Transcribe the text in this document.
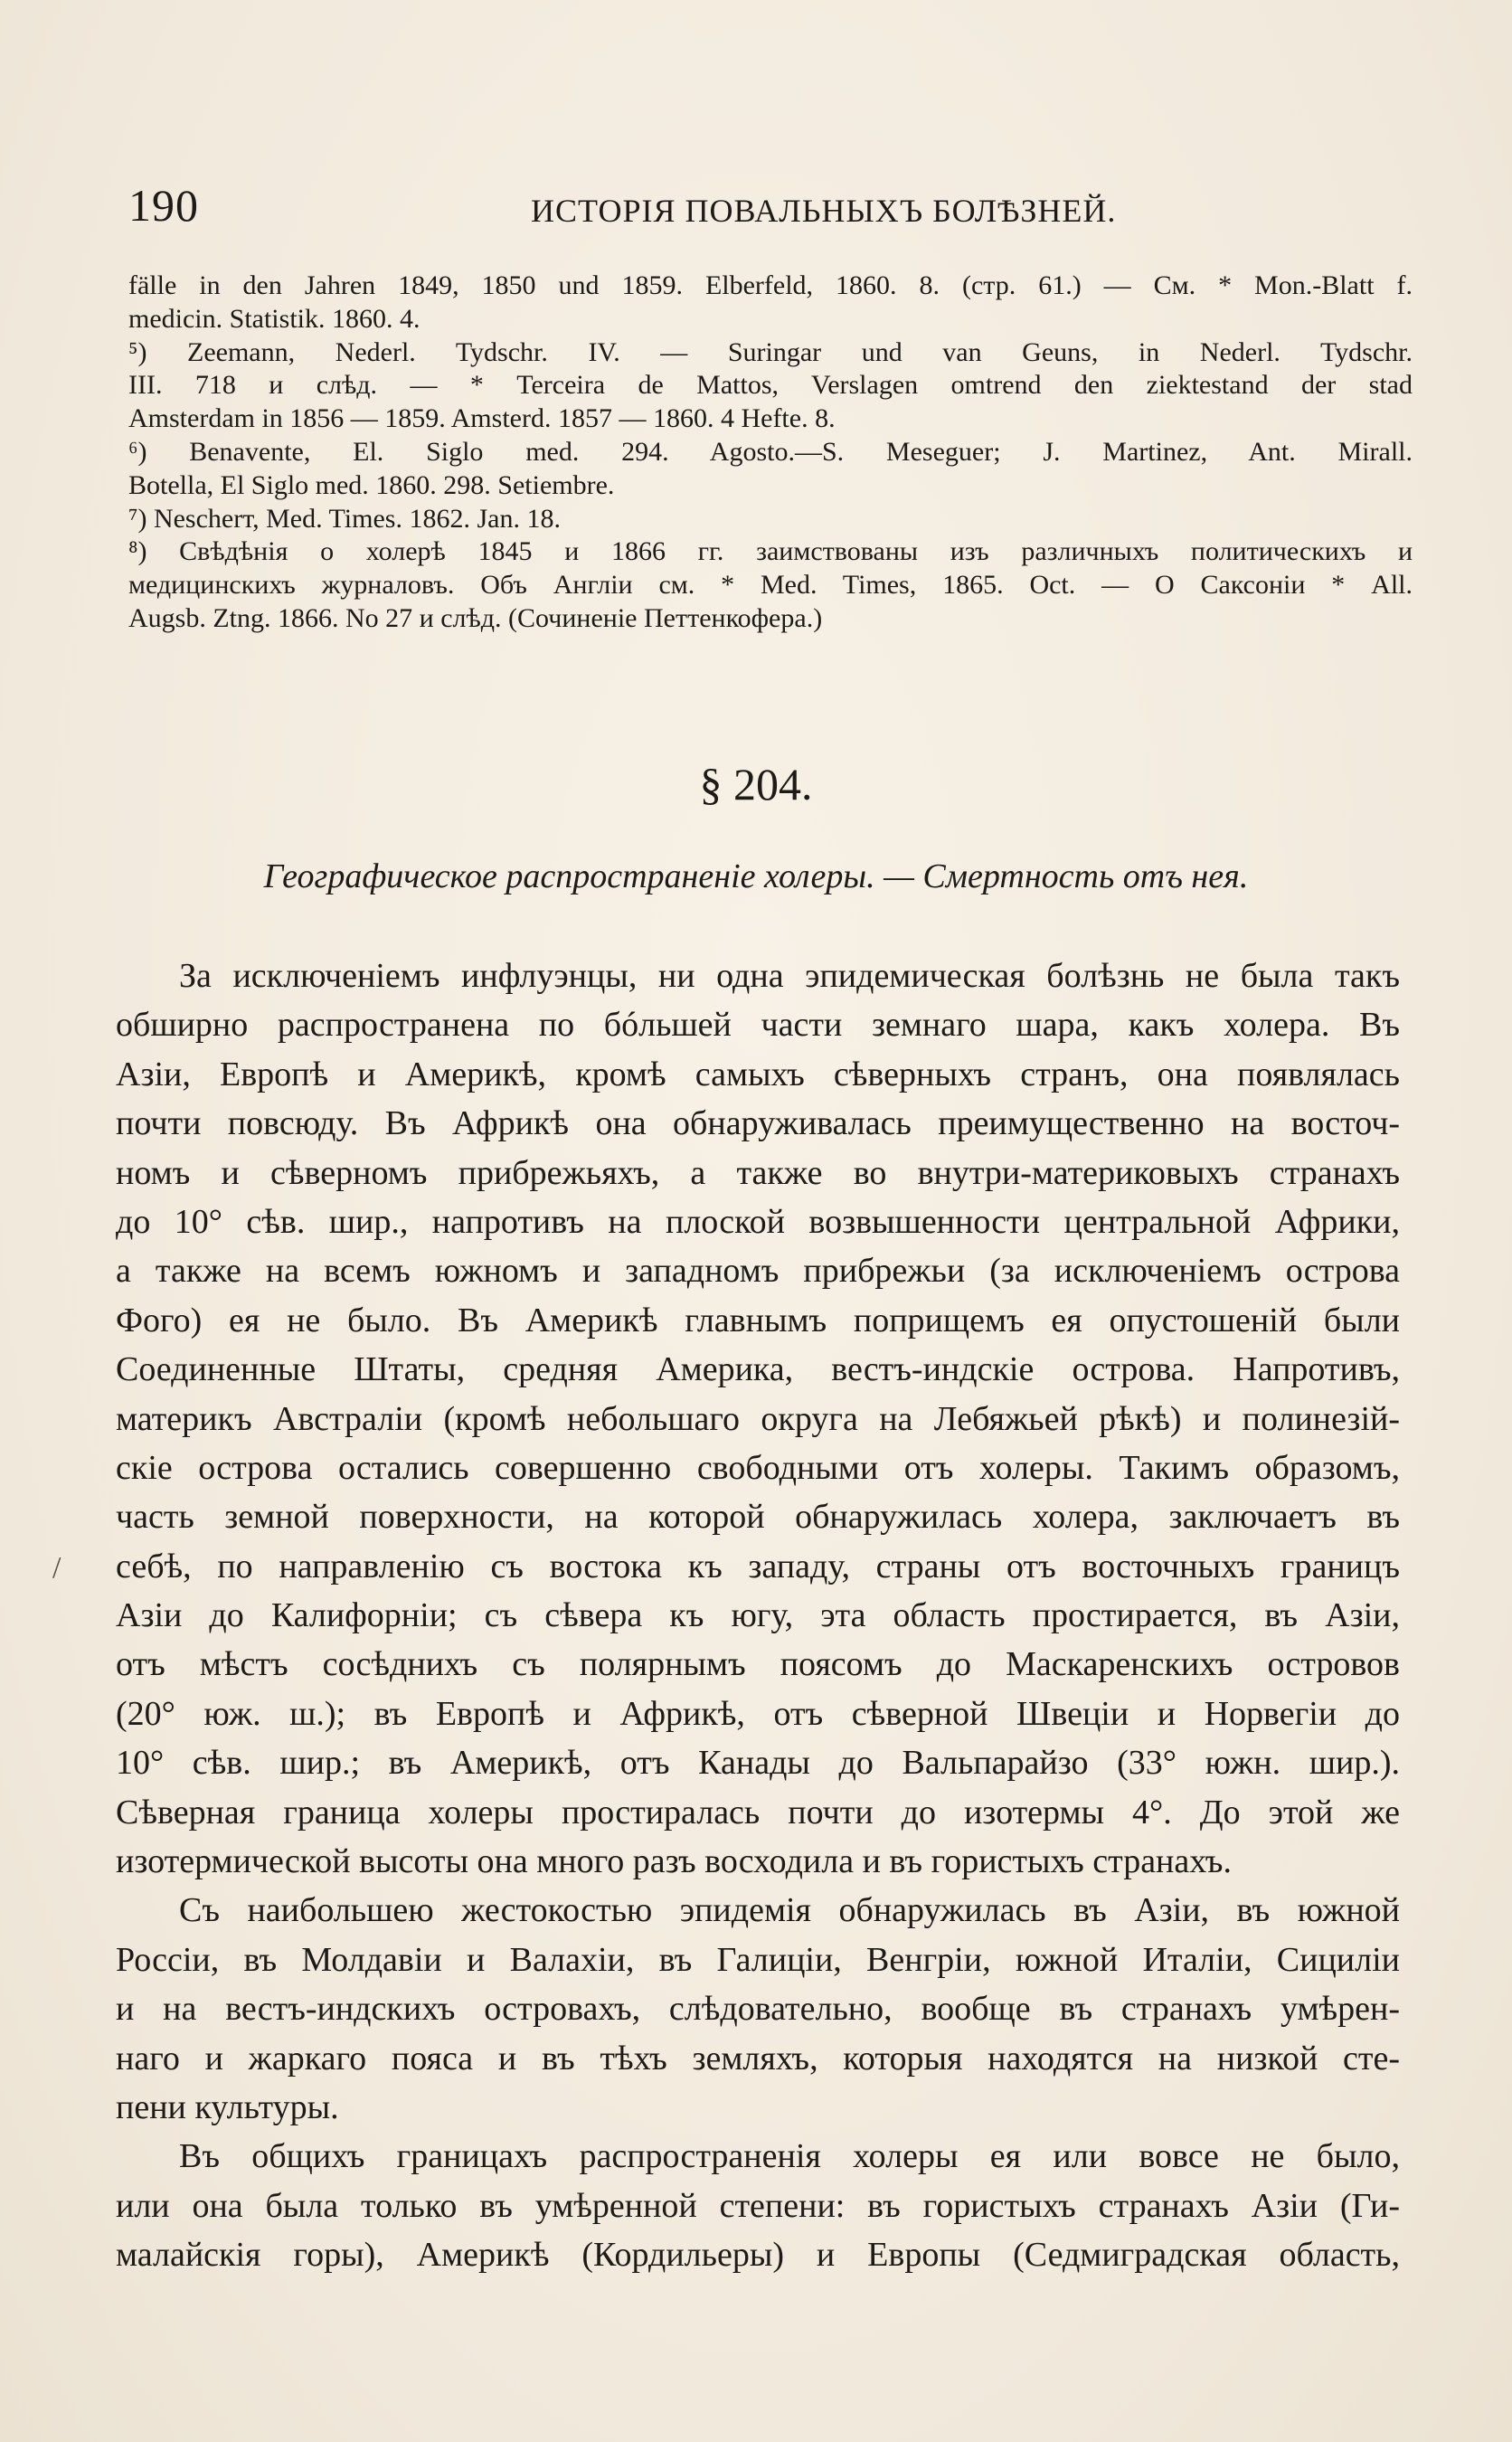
190	ИСТОРІЯ ПОВАЛЬНЫХЪ БОЛѢЗНЕЙ.
fälle in den Jahren 1849, 1850 und 1859. Elberfeld, 1860. 8. (стр. 61.) — См. * Mon.-Blatt f.
medicin. Statistik. 1860. 4.
⁵) Zeemann, Nederl. Tydschr. IV. — Suringar und van Geuns, in Nederl. Tydschr.
III. 718 и слѣд. — * Terceira de Mattos, Verslagen omtrend den ziektestand der stad
Amsterdam in 1856 — 1859. Amsterd. 1857 — 1860. 4 Hefte. 8.
⁶) Benavente, El. Siglo med. 294. Agosto.—S. Meseguer; J. Martinez, Ant. Mirall.
Botella, El Siglo med. 1860. 298. Setiembre.
⁷) Nescherт, Med. Times. 1862. Jan. 18.
⁸) Свѣдѣнія о холерѣ 1845 и 1866 гг. заимствованы изъ различныхъ политическихъ и
медицинскихъ журналовъ. Объ Англіи см. * Med. Times, 1865. Oct. — О Саксоніи * All.
Augsb. Ztng. 1866. No 27 и слѣд. (Сочиненіе Петтенкофера.)
§ 204.
Географическое распространеніе холеры. — Смертность отъ нея.
/
За исключеніемъ инфлуэнцы, ни одна эпидемическая болѣзнь не была такъ
обширно распространена по бóльшей части земнаго шара, какъ холера. Въ
Азіи, Европѣ и Америкѣ, кромѣ самыхъ сѣверныхъ странъ, она появлялась
почти повсюду. Въ Африкѣ она обнаруживалась преимущественно на восточ-
номъ и сѣверномъ прибрежьяхъ, а также во внутри-материковыхъ странахъ
до 10° сѣв. шир., напротивъ на плоской возвышенности центральной Африки,
а также на всемъ южномъ и западномъ прибрежьи (за исключеніемъ острова
Фого) ея не было. Въ Америкѣ главнымъ поприщемъ ея опустошеній были
Соединенные Штаты, средняя Америка, вестъ-индскіе острова. Напротивъ,
материкъ Австраліи (кромѣ небольшаго округа на Лебяжьей рѣкѣ) и полинезій-
скіе острова остались совершенно свободными отъ холеры. Такимъ образомъ,
часть земной поверхности, на которой обнаружилась холера, заключаетъ въ
себѣ, по направленію съ востока къ западу, страны отъ восточныхъ границъ
Азіи до Калифорніи; съ сѣвера къ югу, эта область простирается, въ Азіи,
отъ мѣстъ сосѣднихъ съ полярнымъ поясомъ до Маскаренскихъ островов
(20° юж. ш.); въ Европѣ и Африкѣ, отъ сѣверной Швеціи и Норвегіи до
10° сѣв. шир.; въ Америкѣ, отъ Канады до Вальпарайзо (33° южн. шир.).
Сѣверная граница холеры простиралась почти до изотермы 4°. До этой же
изотермической высоты она много разъ восходила и въ гористыхъ странахъ.
Съ наибольшею жестокостью эпидемія обнаружилась въ Азіи, въ южной
Россіи, въ Молдавіи и Валахіи, въ Галиціи, Венгріи, южной Италіи, Сициліи
и на вестъ-индскихъ островахъ, слѣдовательно, вообще въ странахъ умѣрен-
наго и жаркаго пояса и въ тѣхъ земляхъ, которыя находятся на низкой сте-
пени культуры.
Въ общихъ границахъ распространенія холеры ея или вовсе не было,
или она была только въ умѣренной степени: въ гористыхъ странахъ Азіи (Ги-
малайскія горы), Америкѣ (Кордильеры) и Европы (Седмиградская область,
